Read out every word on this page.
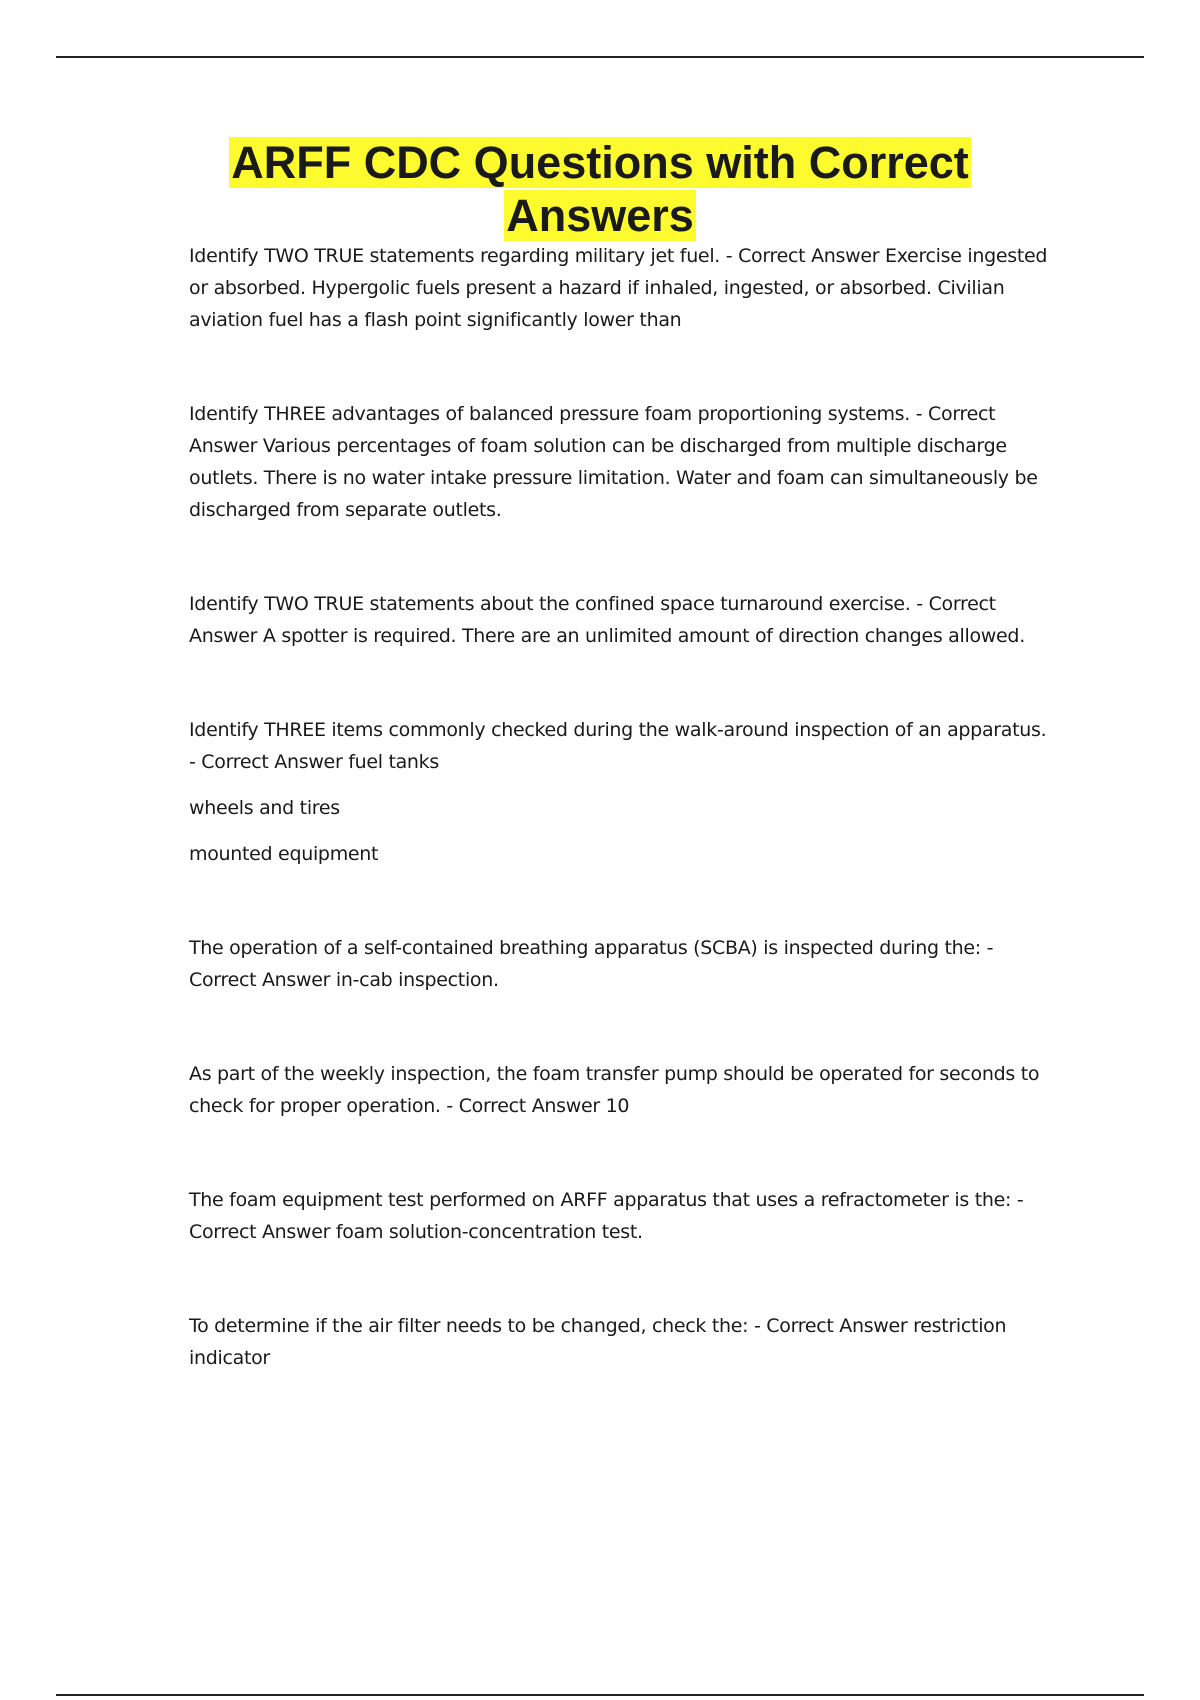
ARFF CDC Questions with Correct Answers

Identify TWO TRUE statements regarding military jet fuel. - Correct Answer Exercise ingested or absorbed. Hypergolic fuels present a hazard if inhaled, ingested, or absorbed. Civilian aviation fuel has a flash point significantly lower than

Identify THREE advantages of balanced pressure foam proportioning systems. - Correct Answer Various percentages of foam solution can be discharged from multiple discharge outlets. There is no water intake pressure limitation. Water and foam can simultaneously be discharged from separate outlets.

Identify TWO TRUE statements about the confined space turnaround exercise. - Correct Answer A spotter is required. There are an unlimited amount of direction changes allowed.

Identify THREE items commonly checked during the walk-around inspection of an apparatus. - Correct Answer fuel tanks

wheels and tires

mounted equipment

The operation of a self-contained breathing apparatus (SCBA) is inspected during the: - Correct Answer in-cab inspection.

As part of the weekly inspection, the foam transfer pump should be operated for seconds to check for proper operation. - Correct Answer 10

The foam equipment test performed on ARFF apparatus that uses a refractometer is the: - Correct Answer foam solution-concentration test.

To determine if the air filter needs to be changed, check the: - Correct Answer restriction indicator
